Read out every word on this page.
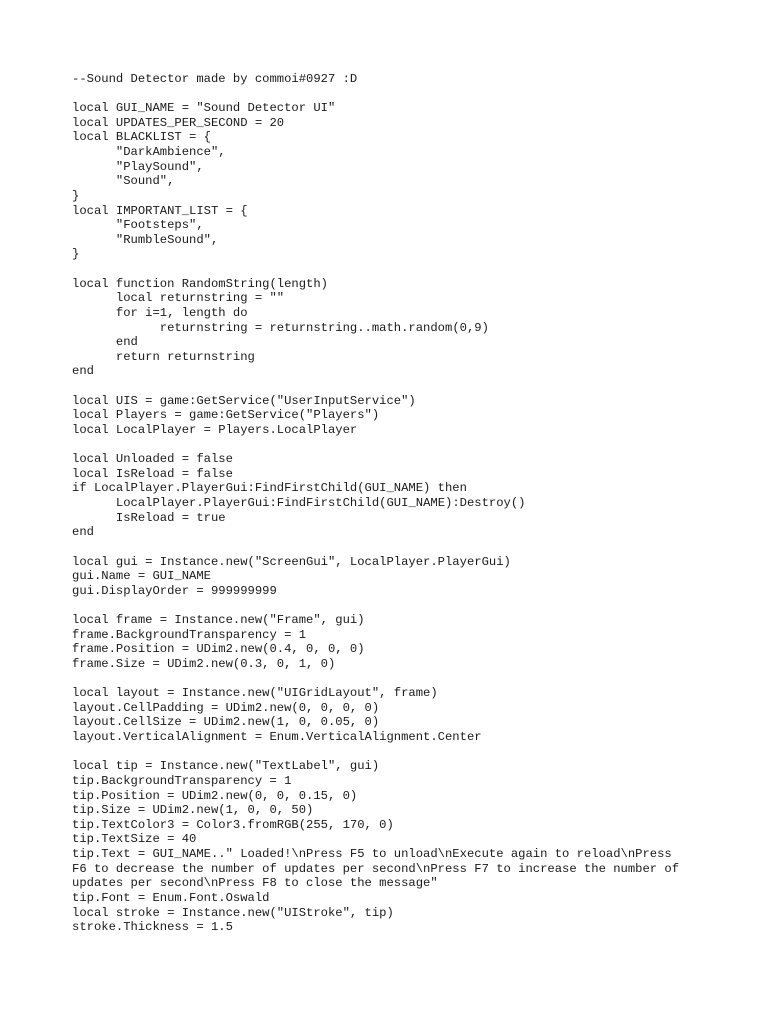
--Sound Detector made by commoi#0927 :D
local GUI_NAME = "Sound Detector UI"
local UPDATES_PER_SECOND = 20
local BLACKLIST = {
"DarkAmbience",
"PlaySound",
"Sound",
}
local IMPORTANT_LIST = {
"Footsteps",
"RumbleSound",
}
local function RandomString(length)
local returnstring = ""
for i=1, length do
returnstring = returnstring..math.random(0,9)
end
return returnstring
end
local UIS = game:GetService("UserInputService")
local Players = game:GetService("Players")
local LocalPlayer = Players.LocalPlayer
local Unloaded = false
local IsReload = false
if LocalPlayer.PlayerGui:FindFirstChild(GUI_NAME) then
LocalPlayer.PlayerGui:FindFirstChild(GUI_NAME):Destroy()
IsReload = true
end
local gui = Instance.new("ScreenGui", LocalPlayer.PlayerGui)
gui.Name = GUI_NAME
gui.DisplayOrder = 999999999
local frame = Instance.new("Frame", gui)
frame.BackgroundTransparency = 1
frame.Position = UDim2.new(0.4, 0, 0, 0)
frame.Size = UDim2.new(0.3, 0, 1, 0)
local layout = Instance.new("UIGridLayout", frame)
layout.CellPadding = UDim2.new(0, 0, 0, 0)
layout.CellSize = UDim2.new(1, 0, 0.05, 0)
layout.VerticalAlignment = Enum.VerticalAlignment.Center
local tip = Instance.new("TextLabel", gui)
tip.BackgroundTransparency = 1
tip.Position = UDim2.new(0, 0, 0.15, 0)
tip.Size = UDim2.new(1, 0, 0, 50)
tip.TextColor3 = Color3.fromRGB(255, 170, 0)
tip.TextSize = 40
tip.Text = GUI_NAME.." Loaded!\nPress F5 to unload\nExecute again to reload\nPress
F6 to decrease the number of updates per second\nPress F7 to increase the number of
updates per second\nPress F8 to close the message"
tip.Font = Enum.Font.Oswald
local stroke = Instance.new("UIStroke", tip)
stroke.Thickness = 1.5
